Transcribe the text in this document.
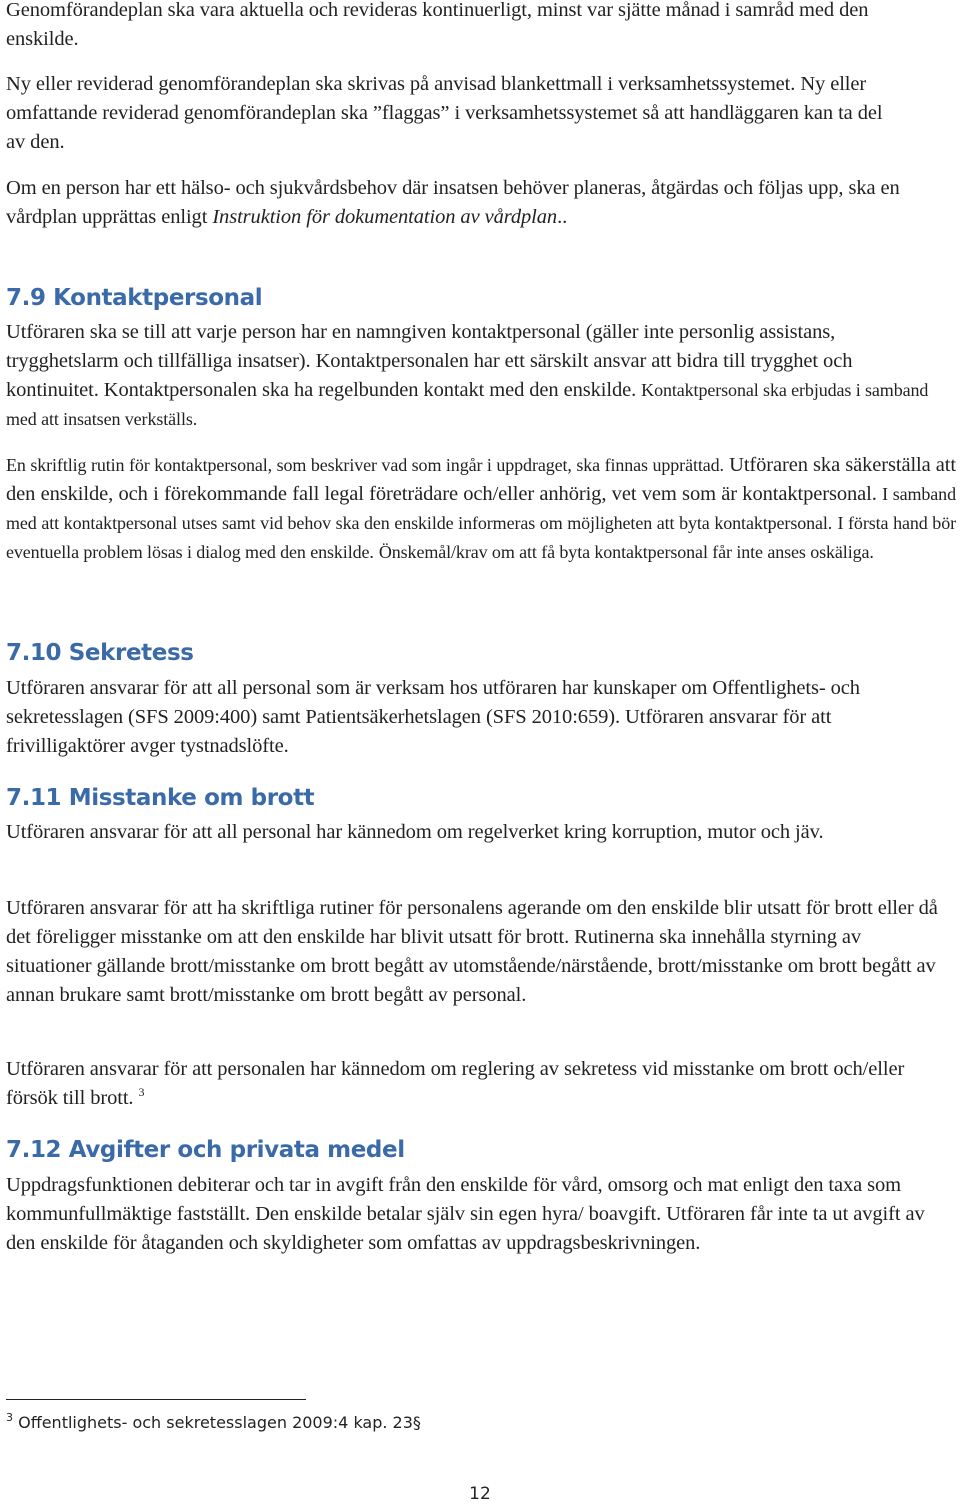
Genomförandeplan ska vara aktuella och revideras kontinuerligt, minst var sjätte månad i samråd med den enskilde.

Ny eller reviderad genomförandeplan ska skrivas på anvisad blankettmall i verksamhetssystemet. Ny eller omfattande reviderad genomförandeplan ska ”flaggas” i verksamhetssystemet så att handläggaren kan ta del av den.

Om en person har ett hälso- och sjukvårdsbehov där insatsen behöver planeras, åtgärdas och följas upp, ska en vårdplan upprättas enligt Instruktion för dokumentation av vårdplan..

7.9 Kontaktpersonal

Utföraren ska se till att varje person har en namngiven kontaktpersonal (gäller inte personlig assistans, trygghetslarm och tillfälliga insatser). Kontaktpersonalen har ett särskilt ansvar att bidra till trygghet och kontinuitet. Kontaktpersonalen ska ha regelbunden kontakt med den enskilde. Kontaktpersonal ska erbjudas i samband med att insatsen verkställs.

En skriftlig rutin för kontaktpersonal, som beskriver vad som ingår i uppdraget, ska finnas upprättad. Utföraren ska säkerställa att den enskilde, och i förekommande fall legal företrädare och/eller anhörig, vet vem som är kontaktpersonal. I samband med att kontaktpersonal utses samt vid behov ska den enskilde informeras om möjligheten att byta kontaktpersonal. I första hand bör eventuella problem lösas i dialog med den enskilde. Önskemål/krav om att få byta kontaktpersonal får inte anses oskäliga.

7.10 Sekretess

Utföraren ansvarar för att all personal som är verksam hos utföraren har kunskaper om Offentlighets- och sekretesslagen (SFS 2009:400) samt Patientsäkerhetslagen (SFS 2010:659). Utföraren ansvarar för att frivilligaktörer avger tystnadslöfte.

7.11 Misstanke om brott

Utföraren ansvarar för att all personal har kännedom om regelverket kring korruption, mutor och jäv.

Utföraren ansvarar för att ha skriftliga rutiner för personalens agerande om den enskilde blir utsatt för brott eller då det föreligger misstanke om att den enskilde har blivit utsatt för brott. Rutinerna ska innehålla styrning av situationer gällande brott/misstanke om brott begått av utomstående/närstående, brott/misstanke om brott begått av annan brukare samt brott/misstanke om brott begått av personal.

Utföraren ansvarar för att personalen har kännedom om reglering av sekretess vid misstanke om brott och/eller försök till brott. $^3$

7.12 Avgifter och privata medel

Uppdragsfunktionen debiterar och tar in avgift från den enskilde för vård, omsorg och mat enligt den taxa som kommunfullmäktige fastställt. Den enskilde betalar själv sin egen hyra/ boavgift. Utföraren får inte ta ut avgift av den enskilde för åtaganden och skyldigheter som omfattas av uppdragsbeskrivningen.

$^3$ Offentlighets- och sekretesslagen 2009:4 kap. 23§
12
